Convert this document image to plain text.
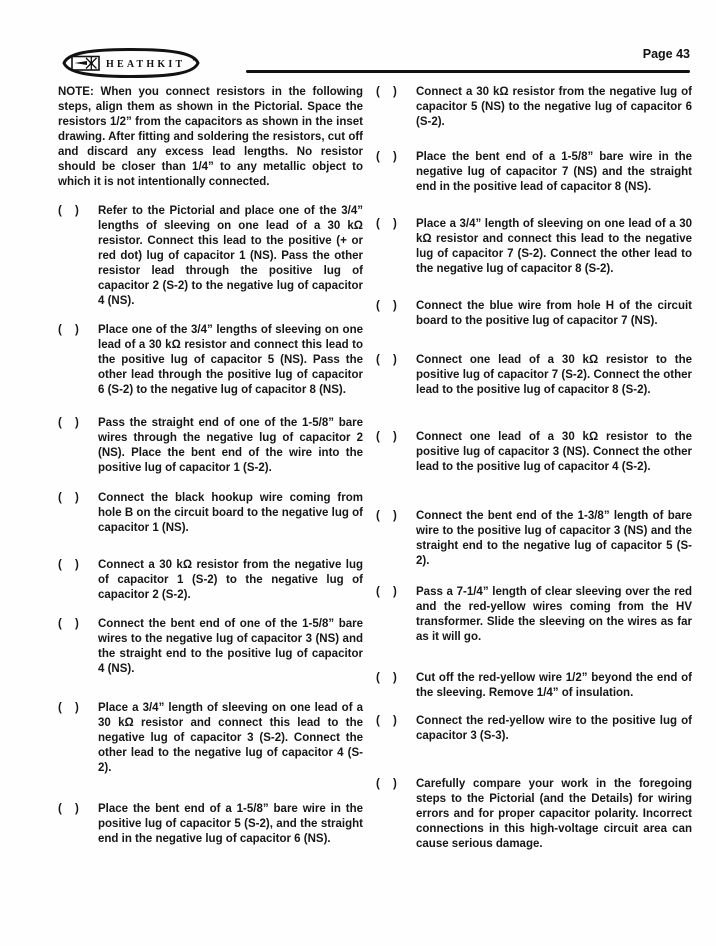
HEATHKIT
Page 43

NOTE: When you connect resistors in the following steps, align them as shown in the Pictorial. Space the resistors 1/2” from the capacitors as shown in the inset drawing. After fitting and soldering the resistors, cut off and discard any excess lead lengths. No resistor should be closer than 1/4” to any metallic object to which it is not intentionally connected.

( )	Refer to the Pictorial and place one of the 3/4” lengths of sleeving on one lead of a 30 kΩ resistor. Connect this lead to the positive (+ or red dot) lug of capacitor 1 (NS). Pass the other resistor lead through the positive lug of capacitor 2 (S-2) to the negative lug of capacitor 4 (NS).

( )	Place one of the 3/4” lengths of sleeving on one lead of a 30 kΩ resistor and connect this lead to the positive lug of capacitor 5 (NS). Pass the other lead through the positive lug of capacitor 6 (S-2) to the negative lug of capacitor 8 (NS).

( )	Pass the straight end of one of the 1-5/8” bare wires through the negative lug of capacitor 2 (NS). Place the bent end of the wire into the positive lug of capacitor 1 (S-2).

( )	Connect the black hookup wire coming from hole B on the circuit board to the negative lug of capacitor 1 (NS).

( )	Connect a 30 kΩ resistor from the negative lug of capacitor 1 (S-2) to the negative lug of capacitor 2 (S-2).

( )	Connect the bent end of one of the 1-5/8” bare wires to the negative lug of capacitor 3 (NS) and the straight end to the positive lug of capacitor 4 (NS).

( )	Place a 3/4” length of sleeving on one lead of a 30 kΩ resistor and connect this lead to the negative lug of capacitor 3 (S-2). Connect the other lead to the negative lug of capacitor 4 (S-2).

( )	Place the bent end of a 1-5/8” bare wire in the positive lug of capacitor 5 (S-2), and the straight end in the negative lug of capacitor 6 (NS).

( )	Connect a 30 kΩ resistor from the negative lug of capacitor 5 (NS) to the negative lug of capacitor 6 (S-2).

( )	Place the bent end of a 1-5/8” bare wire in the negative lug of capacitor 7 (NS) and the straight end in the positive lead of capacitor 8 (NS).

( )	Place a 3/4” length of sleeving on one lead of a 30 kΩ resistor and connect this lead to the negative lug of capacitor 7 (S-2). Connect the other lead to the negative lug of capacitor 8 (S-2).

( )	Connect the blue wire from hole H of the circuit board to the positive lug of capacitor 7 (NS).

( )	Connect one lead of a 30 kΩ resistor to the positive lug of capacitor 7 (S-2). Connect the other lead to the positive lug of capacitor 8 (S-2).

( )	Connect one lead of a 30 kΩ resistor to the positive lug of capacitor 3 (NS). Connect the other lead to the positive lug of capacitor 4 (S-2).

( )	Connect the bent end of the 1-3/8” length of bare wire to the positive lug of capacitor 3 (NS) and the straight end to the negative lug of capacitor 5 (S-2).

( )	Pass a 7-1/4” length of clear sleeving over the red and the red-yellow wires coming from the HV transformer. Slide the sleeving on the wires as far as it will go.

( )	Cut off the red-yellow wire 1/2” beyond the end of the sleeving. Remove 1/4” of insulation.

( )	Connect the red-yellow wire to the positive lug of capacitor 3 (S-3).

( )	Carefully compare your work in the foregoing steps to the Pictorial (and the Details) for wiring errors and for proper capacitor polarity. Incorrect connections in this high-voltage circuit area can cause serious damage.
